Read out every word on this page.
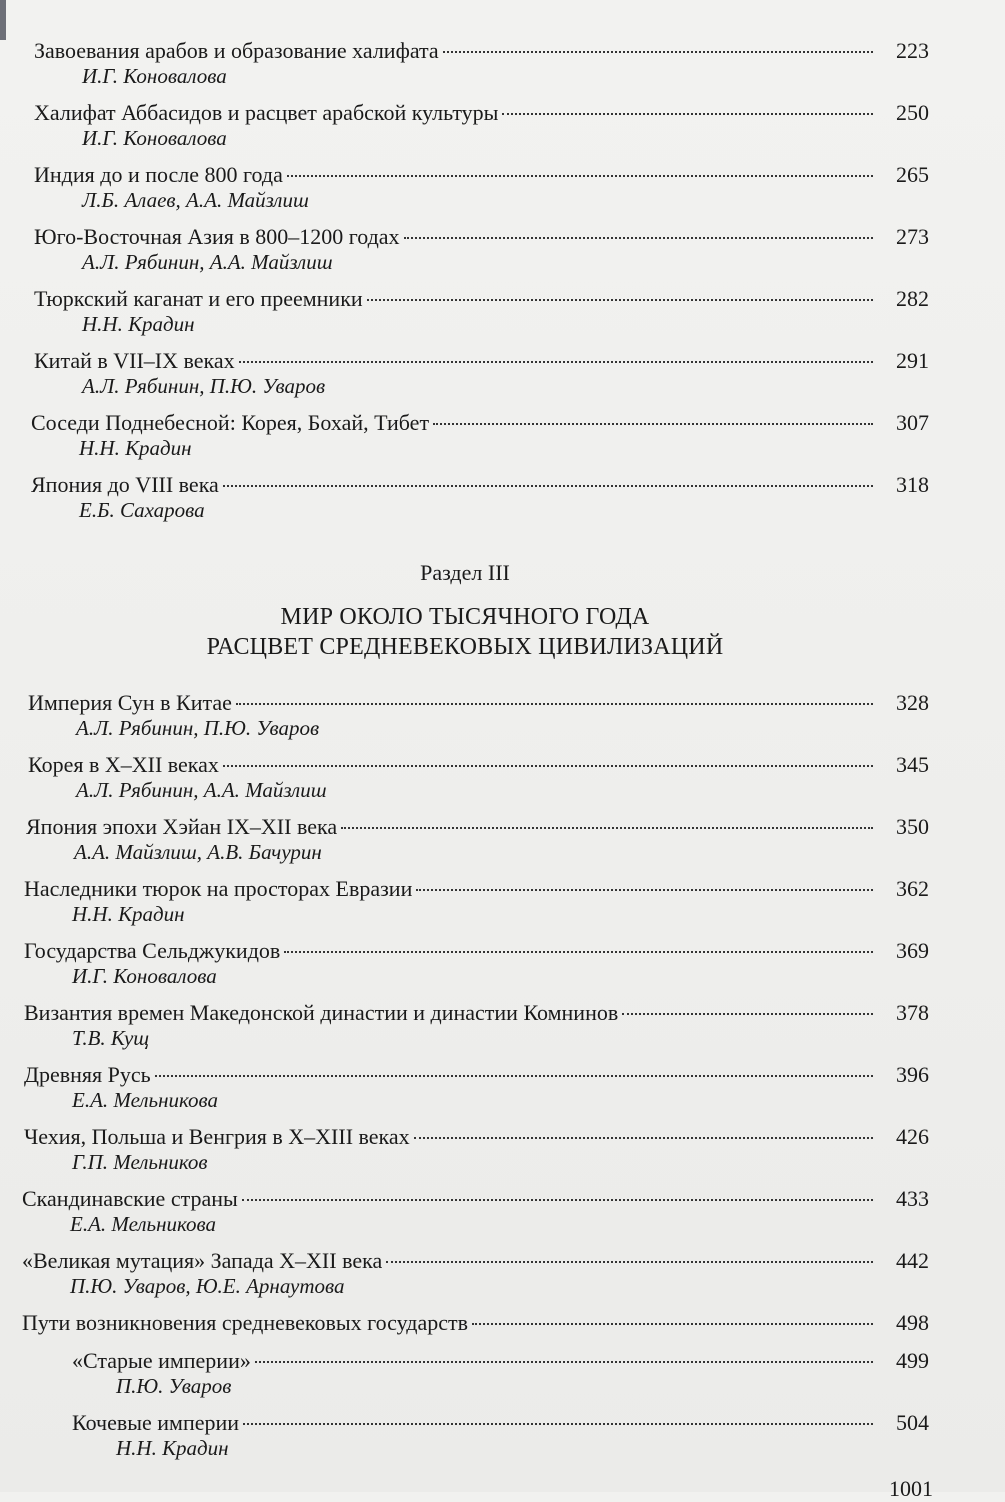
Завоевания арабов и образование халифата	223
И.Г. Коновалова
Халифат Аббасидов и расцвет арабской культуры	250
И.Г. Коновалова
Индия до и после 800 года	265
Л.Б. Алаев, А.А. Майзлиш
Юго-Восточная Азия в 800–1200 годах	273
А.Л. Рябинин, А.А. Майзлиш
Тюркский каганат и его преемники	282
Н.Н. Крадин
Китай в VII–IX веках	291
А.Л. Рябинин, П.Ю. Уваров
Соседи Поднебесной: Корея, Бохай, Тибет	307
Н.Н. Крадин
Япония до VIII века	318
Е.Б. Сахарова
Раздел III
МИР ОКОЛО ТЫСЯЧНОГО ГОДА
РАСЦВЕТ СРЕДНЕВЕКОВЫХ ЦИВИЛИЗАЦИЙ
Империя Сун в Китае	328
А.Л. Рябинин, П.Ю. Уваров
Корея в X–XII веках	345
А.Л. Рябинин, А.А. Майзлиш
Япония эпохи Хэйан IX–XII века	350
А.А. Майзлиш, А.В. Бачурин
Наследники тюрок на просторах Евразии	362
Н.Н. Крадин
Государства Сельджукидов	369
И.Г. Коновалова
Византия времен Македонской династии и династии Комнинов	378
Т.В. Кущ
Древняя Русь	396
Е.А. Мельникова
Чехия, Польша и Венгрия в X–XIII веках	426
Г.П. Мельников
Скандинавские страны	433
Е.А. Мельникова
«Великая мутация» Запада X–XII века	442
П.Ю. Уваров, Ю.Е. Арнаутова
Пути возникновения средневековых государств	498
«Старые империи»	499
П.Ю. Уваров
Кочевые империи	504
Н.Н. Крадин
1001
